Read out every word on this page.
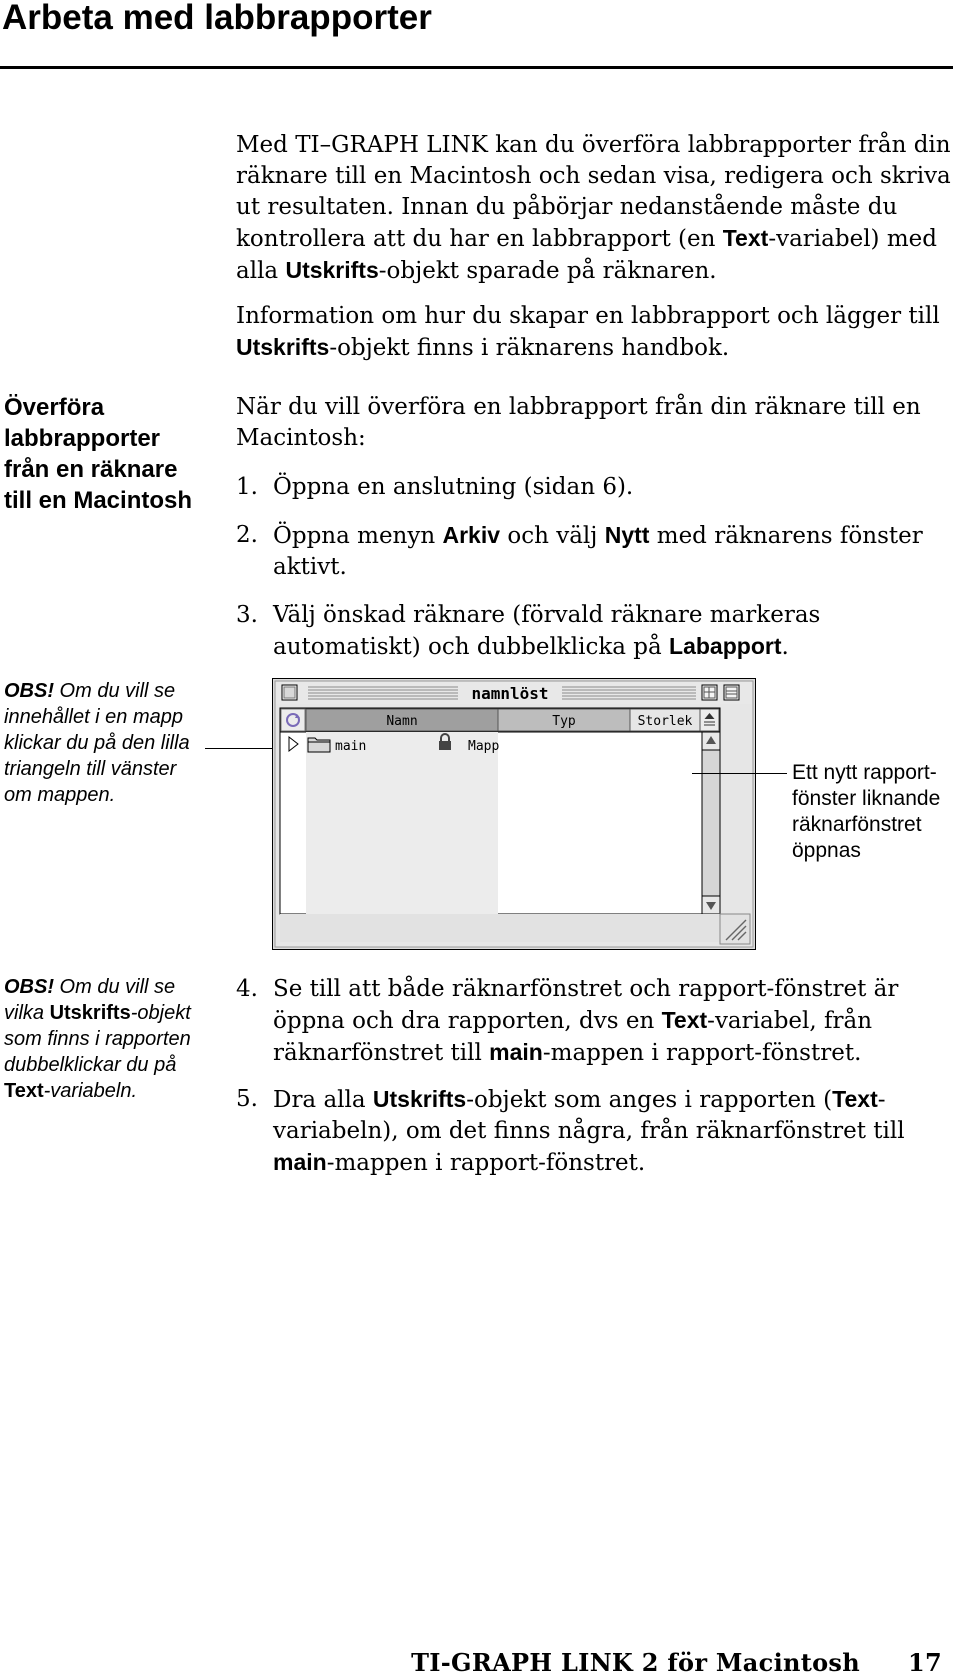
Arbeta med labbrapporter

Med TI–GRAPH LINK kan du överföra labbrapporter från din räknare till en Macintosh och sedan visa, redigera och skriva ut resultaten. Innan du påbörjar nedanstående måste du kontrollera att du har en labbrapport (en Text-variabel) med alla Utskrifts-objekt sparade på räknaren.

Information om hur du skapar en labbrapport och lägger till Utskrifts-objekt finns i räknarens handbok.

Överföra labbrapporter från en räknare till en Macintosh

När du vill överföra en labbrapport från din räknare till en Macintosh:

1. Öppna en anslutning (sidan 6).
2. Öppna menyn Arkiv och välj Nytt med räknarens fönster aktivt.
3. Välj önskad räknare (förvald räknare markeras automatiskt) och dubbelklicka på Labapport.

OBS! Om du vill se innehållet i en mapp klickar du på den lilla triangeln till vänster om mappen.

namnlöst
Namn	Typ	Storlek
main	Mapp

Ett nytt rapport-fönster liknande räknarfönstret öppnas

OBS! Om du vill se vilka Utskrifts-objekt som finns i rapporten dubbelklickar du på Text-variabeln.

4. Se till att både räknarfönstret och rapport-fönstret är öppna och dra rapporten, dvs en Text-variabel, från räknarfönstret till main-mappen i rapport-fönstret.
5. Dra alla Utskrifts-objekt som anges i rapporten (Text-variabeln), om det finns några, från räknarfönstret till main-mappen i rapport-fönstret.

TI-GRAPH LINK 2 för Macintosh 17
